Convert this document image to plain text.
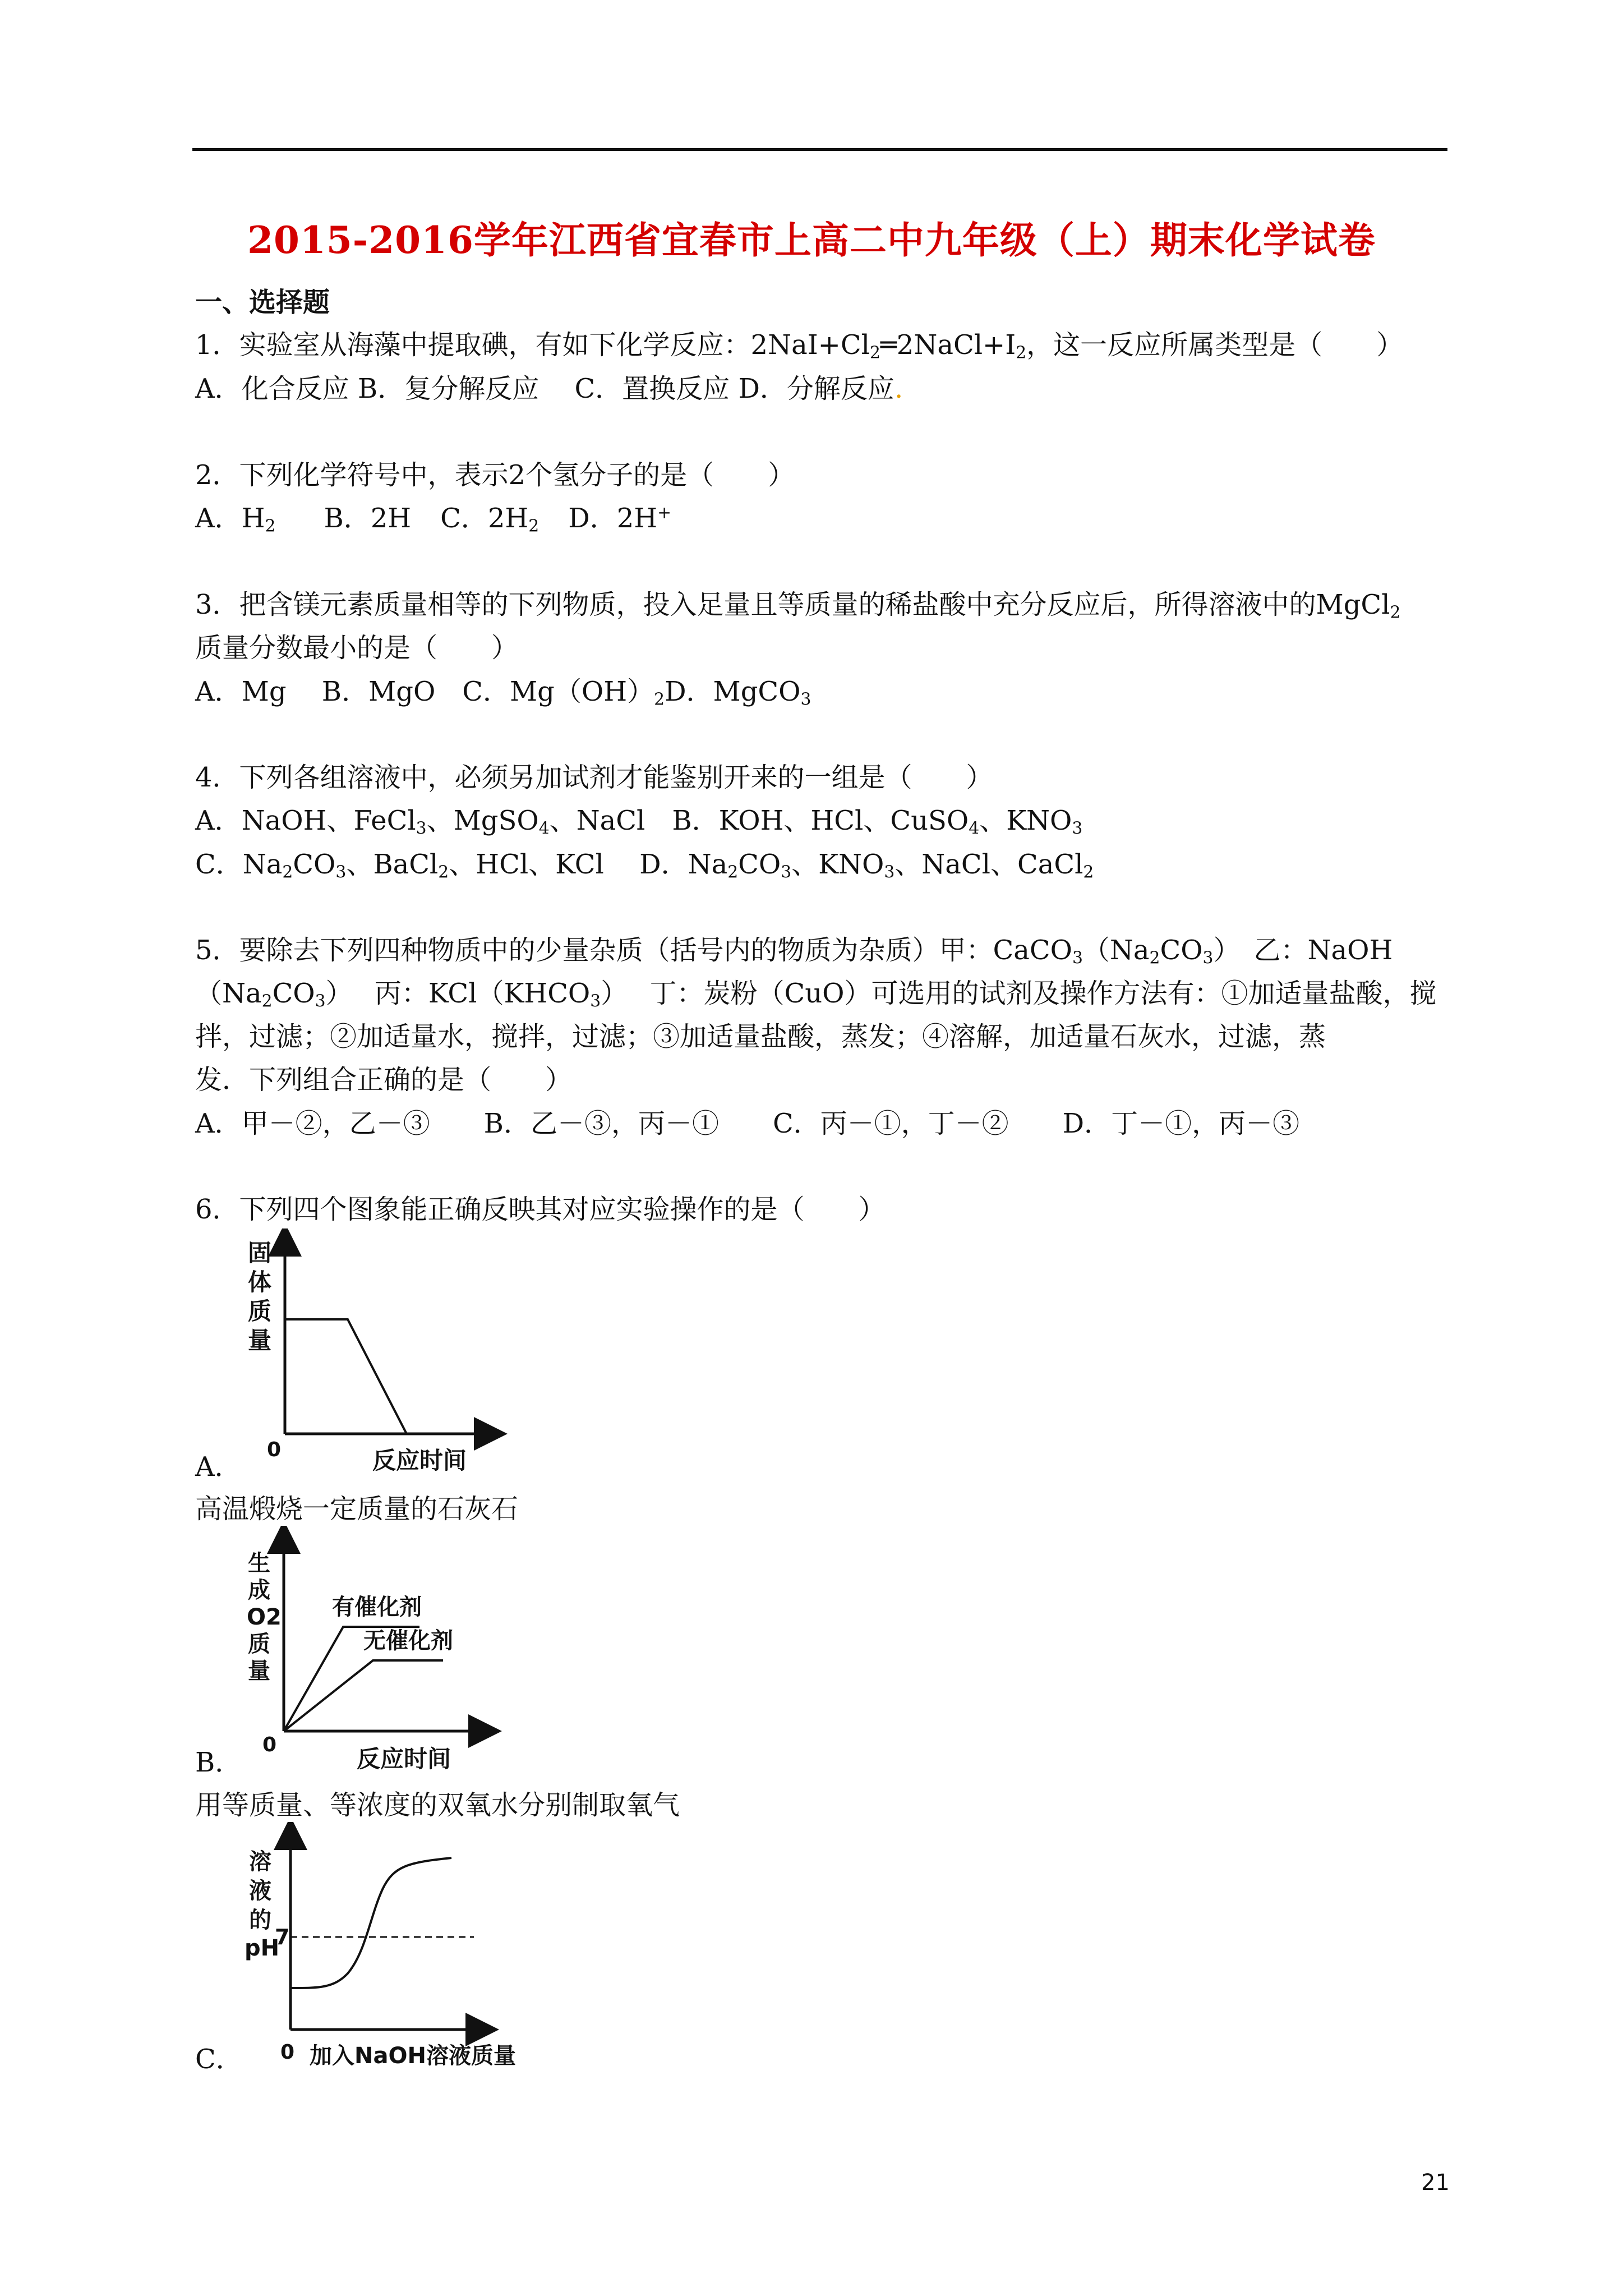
2015-2016学年江西省宜春市上高二中九年级（上）期末化学试卷
一、选择题
1．实验室从海藻中提取碘，有如下化学反应：$2NaI+Cl_2═2NaCl+I_2$，这一反应所属类型是（　　）
A．化合反应 B．复分解反应　 C．置换反应 D．分解反应.
2．下列化学符号中，表示2个氢分子的是（　　）
A．$H_2$ B．2H C．$2H_2$ D．2H+
3．把含镁元素质量相等的下列物质，投入足量且等质量的稀盐酸中充分反应后，所得溶液中的MgCl$_2$
质量分数最小的是（　　）
A．Mg　 B．MgO　C．$Mg(OH)_2D$．MgCO$_3$
4．下列各组溶液中，必须另加试剂才能鉴别开来的一组是（　　）
A．NaOH、FeCl$_3$、MgSO$_4$、NaCl　B．KOH、HCl、CuSO$_4$、$KNO_3$
C．$Na_2CO_3$、BaCl$_2$、HCl、KCl　 D．$Na_2CO_3$、$KNO_3$、NaCl、CaCl$_2$
5．要除去下列四种物质中的少量杂质（括号内的物质为杂质）甲：$CaCO_3(Na_2CO_3)$　乙：NaOH
$(Na_2CO_3)$　 丙：$KCl(KHCO_3)$　 丁：炭粉（CuO）可选用的试剂及操作方法有：①加适量盐酸，搅
拌，过滤；②加适量水，搅拌，过滤；③加适量盐酸，蒸发；④溶解，加适量石灰水，过滤，蒸
发．下列组合正确的是（　　）
A．甲－②，乙－③　　B．乙－③，丙－①　　C．丙－①，丁－②　　D．丁－①，丙－③
6．下列四个图象能正确反映其对应实验操作的是（　　）
固
体
质
量
0	反应时间
A．
高温煅烧一定质量的石灰石
生
成
O2
质
量
有催化剂
无催化剂
0
反应时间
B．
用等质量、等浓度的双氧水分别制取氧气
溶
液
的
pH
7
0 加入NaOH溶液质量
C．
21
